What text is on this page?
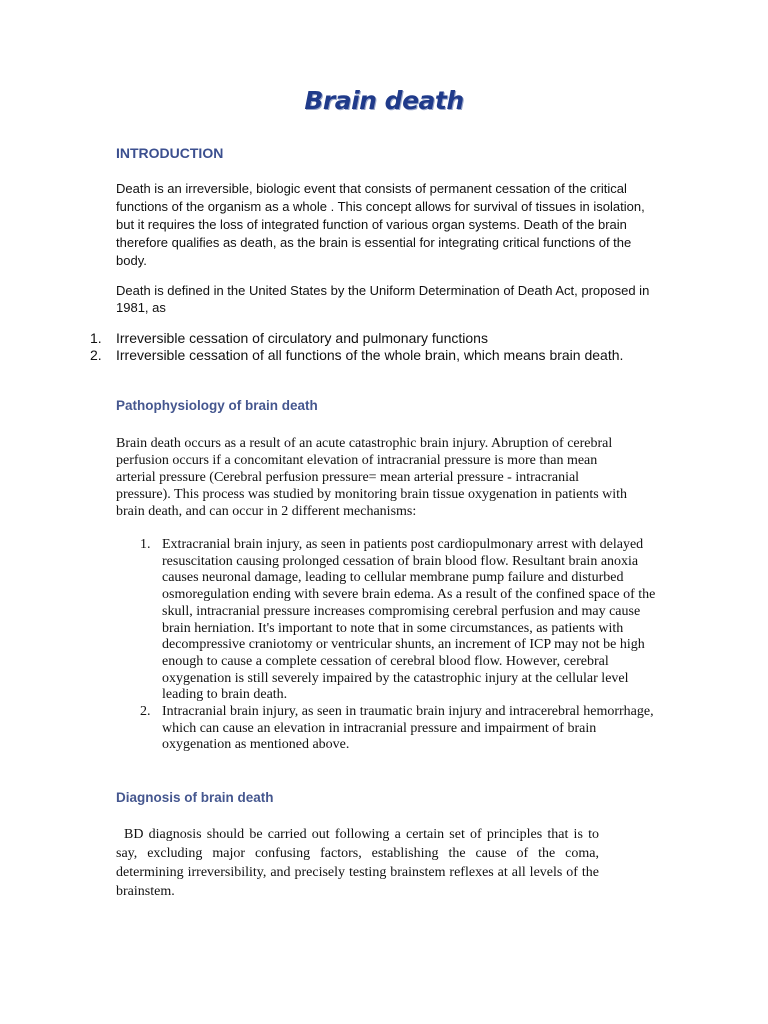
Brain death
INTRODUCTION

Death is an irreversible, biologic event that consists of permanent cessation of the critical functions of the organism as a whole . This concept allows for survival of tissues in isolation, but it requires the loss of integrated function of various organ systems. Death of the brain therefore qualifies as death, as the brain is essential for integrating critical functions of the body.

Death is defined in the United States by the Uniform Determination of Death Act, proposed in 1981, as

1. Irreversible cessation of circulatory and pulmonary functions
2. Irreversible cessation of all functions of the whole brain, which means brain death.
Pathophysiology of brain death

Brain death occurs as a result of an acute catastrophic brain injury. Abruption of cerebral perfusion occurs if a concomitant elevation of intracranial pressure is more than mean arterial pressure (Cerebral perfusion pressure= mean arterial pressure - intracranial pressure). This process was studied by monitoring brain tissue oxygenation in patients with brain death, and can occur in 2 different mechanisms:

1. Extracranial brain injury, as seen in patients post cardiopulmonary arrest with delayed resuscitation causing prolonged cessation of brain blood flow. Resultant brain anoxia causes neuronal damage, leading to cellular membrane pump failure and disturbed osmoregulation ending with severe brain edema. As a result of the confined space of the skull, intracranial pressure increases compromising cerebral perfusion and may cause brain herniation. It's important to note that in some circumstances, as patients with decompressive craniotomy or ventricular shunts, an increment of ICP may not be high enough to cause a complete cessation of cerebral blood flow. However, cerebral oxygenation is still severely impaired by the catastrophic injury at the cellular level leading to brain death.
2. Intracranial brain injury, as seen in traumatic brain injury and intracerebral hemorrhage, which can cause an elevation in intracranial pressure and impairment of brain oxygenation as mentioned above.
Diagnosis of brain death

BD diagnosis should be carried out following a certain set of principles that is to say, excluding major confusing factors, establishing the cause of the coma, determining irreversibility, and precisely testing brainstem reflexes at all levels of the brainstem.
